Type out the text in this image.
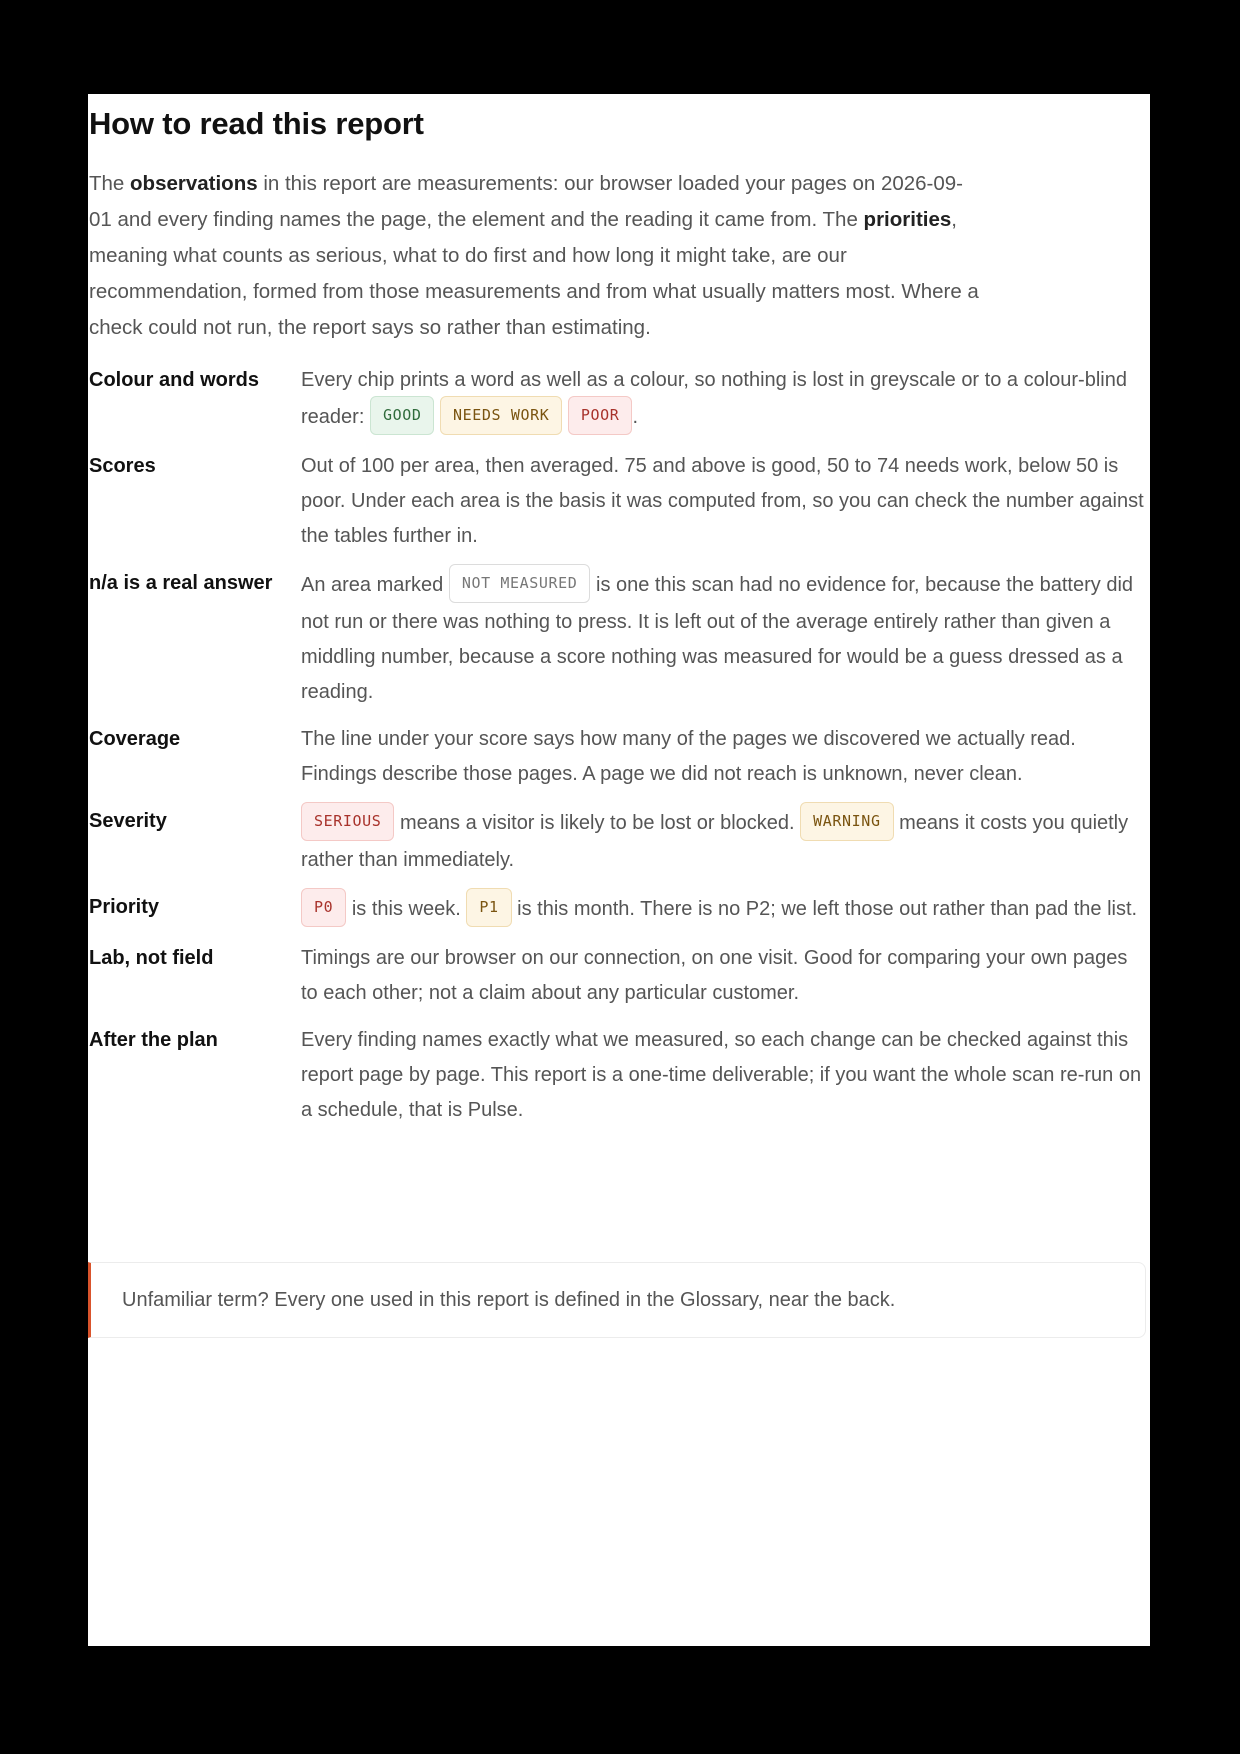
How to read this report

The observations in this report are measurements: our browser loaded your pages on 2026-09-01 and every finding names the page, the element and the reading it came from. The priorities, meaning what counts as serious, what to do first and how long it might take, are our recommendation, formed from those measurements and from what usually matters most. Where a check could not run, the report says so rather than estimating.

Colour and words	Every chip prints a word as well as a colour, so nothing is lost in greyscale or to a colour-blind reader: GOOD NEEDS WORK POOR .
Scores	Out of 100 per area, then averaged. 75 and above is good, 50 to 74 needs work, below 50 is poor. Under each area is the basis it was computed from, so you can check the number against the tables further in.
n/a is a real answer	An area marked NOT MEASURED is one this scan had no evidence for, because the battery did not run or there was nothing to press. It is left out of the average entirely rather than given a middling number, because a score nothing was measured for would be a guess dressed as a reading.
Coverage	The line under your score says how many of the pages we discovered we actually read. Findings describe those pages. A page we did not reach is unknown, never clean.
Severity	SERIOUS means a visitor is likely to be lost or blocked. WARNING means it costs you quietly rather than immediately.
Priority	P0 is this week. P1 is this month. There is no P2; we left those out rather than pad the list.
Lab, not field	Timings are our browser on our connection, on one visit. Good for comparing your own pages to each other; not a claim about any particular customer.
After the plan	Every finding names exactly what we measured, so each change can be checked against this report page by page. This report is a one-time deliverable; if you want the whole scan re-run on a schedule, that is Pulse.

Unfamiliar term? Every one used in this report is defined in the Glossary, near the back.
